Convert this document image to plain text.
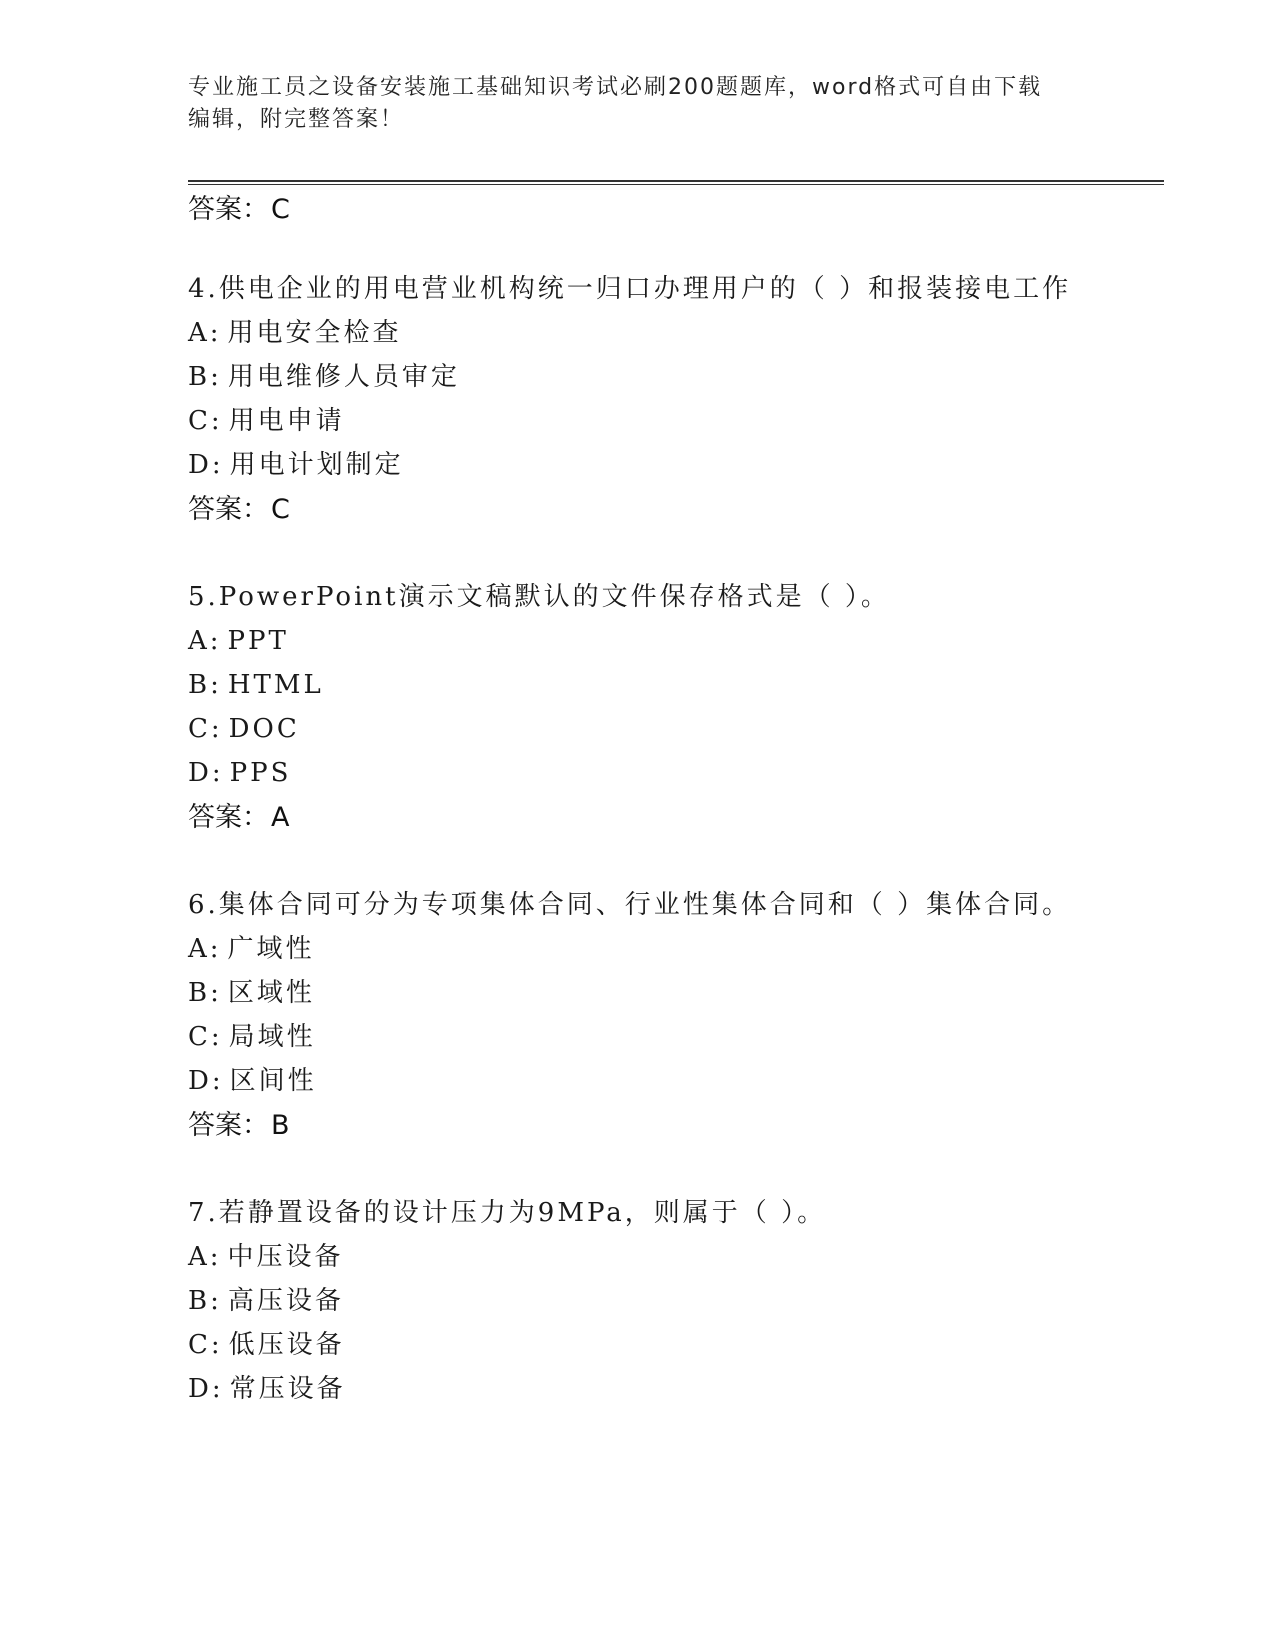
专业施工员之设备安装施工基础知识考试必刷200题题库，word格式可自由下载
编辑，附完整答案！
答案：C
4.供电企业的用电营业机构统一归口办理用户的（ ）和报装接电工作
A: 用电安全检查
B: 用电维修人员审定
C: 用电申请
D: 用电计划制定
答案：C
5.PowerPoint演示文稿默认的文件保存格式是（ ）。
A: PPT
B: HTML
C: DOC
D: PPS
答案：A
6.集体合同可分为专项集体合同、行业性集体合同和（ ）集体合同。
A: 广域性
B: 区域性
C: 局域性
D: 区间性
答案：B
7.若静置设备的设计压力为9MPa，则属于（ ）。
A: 中压设备
B: 高压设备
C: 低压设备
D: 常压设备
